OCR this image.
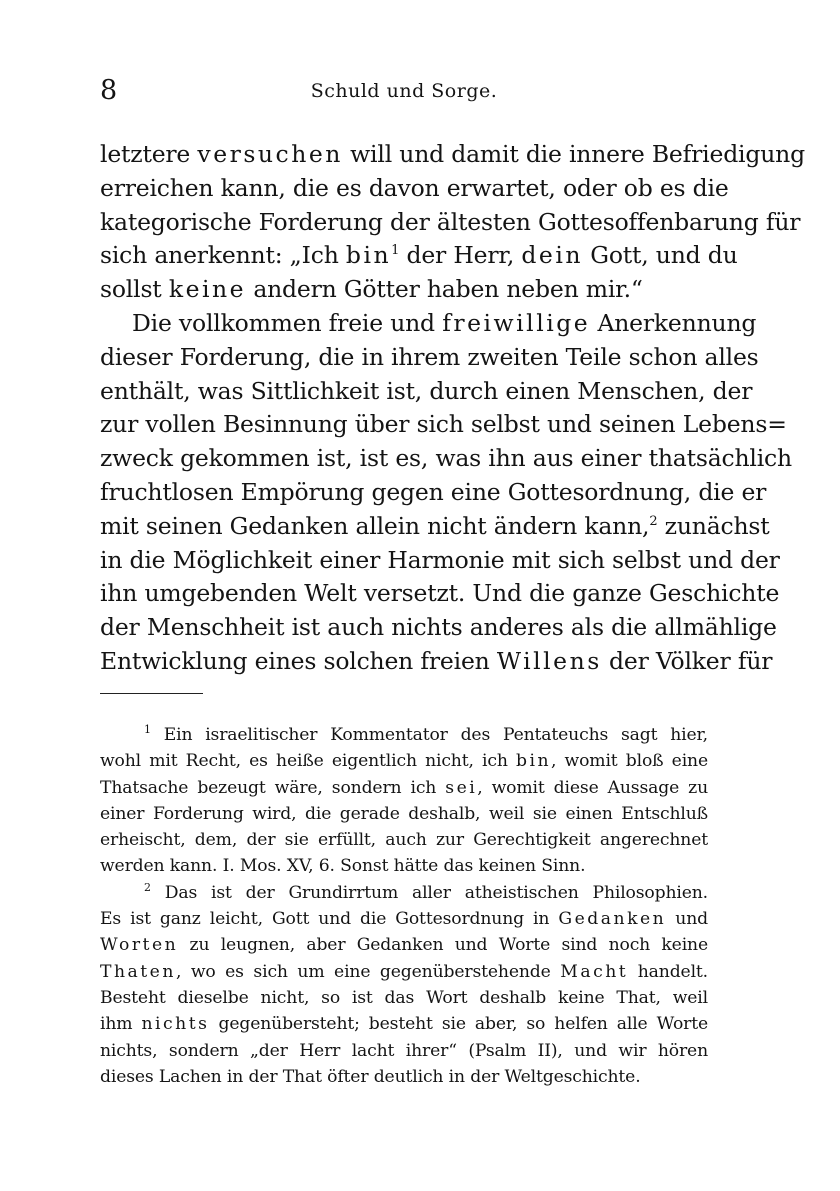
8	Schuld und Sorge.
letztere versuchen will und damit die innere Befriedigung
erreichen kann, die es davon erwartet, oder ob es die
kategorische Forderung der ältesten Gottesoffenbarung für
sich anerkennt: „Ich bin$^1$ der Herr, dein Gott, und du
sollst keine andern Götter haben neben mir.“
Die vollkommen freie und freiwillige Anerkennung
dieser Forderung, die in ihrem zweiten Teile schon alles
enthält, was Sittlichkeit ist, durch einen Menschen, der
zur vollen Besinnung über sich selbst und seinen Lebens=
zweck gekommen ist, ist es, was ihn aus einer thatsächlich
fruchtlosen Empörung gegen eine Gottesordnung, die er
mit seinen Gedanken allein nicht ändern kann,$^2$ zunächst
in die Möglichkeit einer Harmonie mit sich selbst und der
ihn umgebenden Welt versetzt. Und die ganze Geschichte
der Menschheit ist auch nichts anderes als die allmählige
Entwicklung eines solchen freien Willens der Völker für
$^1$ Ein israelitischer Kommentator des Pentateuchs sagt hier,
wohl mit Recht, es heiße eigentlich nicht, ich bin, womit bloß eine
Thatsache bezeugt wäre, sondern ich sei, womit diese Aussage zu
einer Forderung wird, die gerade deshalb, weil sie einen Entschluß
erheischt, dem, der sie erfüllt, auch zur Gerechtigkeit angerechnet
werden kann. I. Mos. XV, 6. Sonst hätte das keinen Sinn.
$^2$ Das ist der Grundirrtum aller atheistischen Philosophien.
Es ist ganz leicht, Gott und die Gottesordnung in Gedanken und
Worten zu leugnen, aber Gedanken und Worte sind noch keine
Thaten, wo es sich um eine gegenüberstehende Macht handelt.
Besteht dieselbe nicht, so ist das Wort deshalb keine That, weil
ihm nichts gegenübersteht; besteht sie aber, so helfen alle Worte
nichts, sondern „der Herr lacht ihrer“ (Psalm II), und wir hören
dieses Lachen in der That öfter deutlich in der Weltgeschichte.
